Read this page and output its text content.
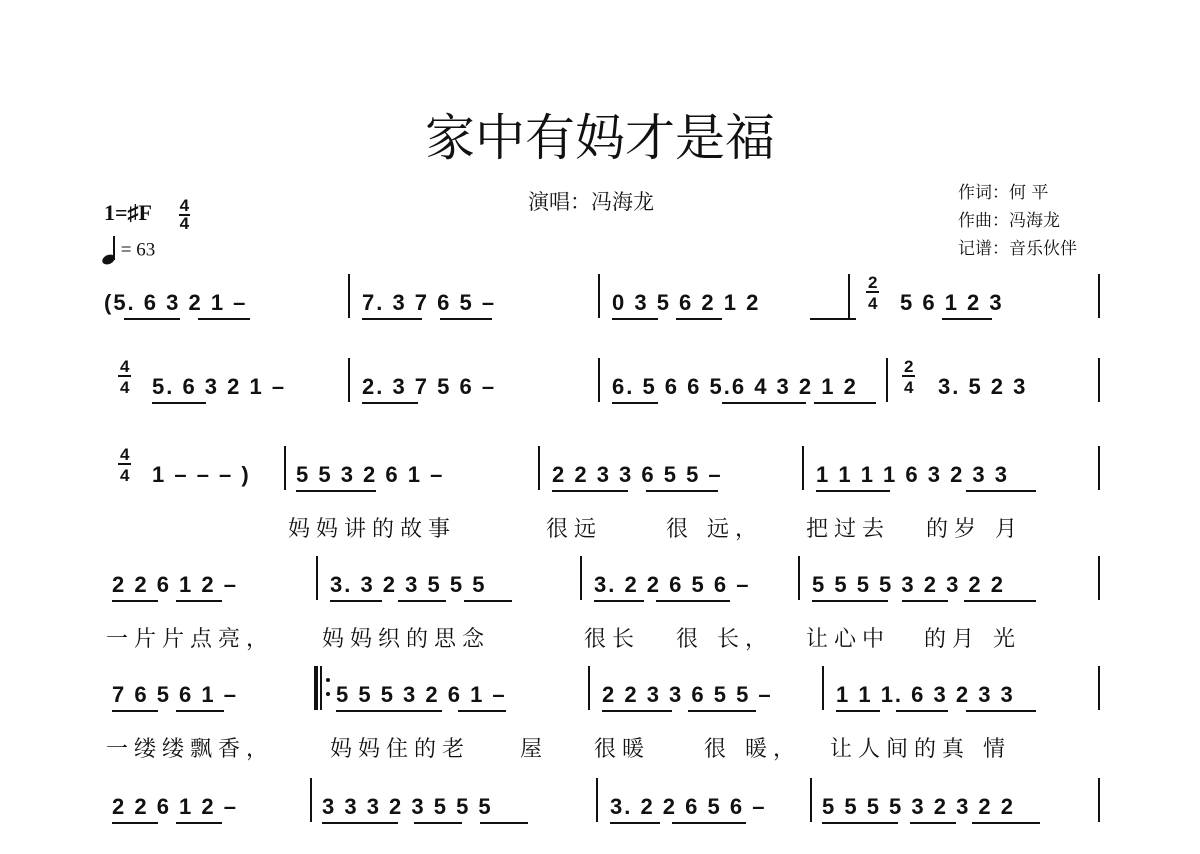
家中有妈才是福
演唱：冯海龙	作词：何 平
作曲：冯海龙
记谱：音乐伙伴
1=♯F $\frac{4}{4}$
= 63
(5. 6 3 2 1 –	7. 3 7 6 5 –	0 3 5 6 2 1 2
2
4 5 6 1 2 3
4
4 5. 6 3 2 1 –	2. 3 7 5 6 –	6. 5 6 6 5.6 4 3 2 1 2
2
4 3. 5 2 3
4
4 1 – – – ) 5 5 3 2 6 1 –	2 2 3 3 6 5 5 –	1 1 1 1 6 3 2 3 3
妈妈讲的故事	很远	很 远， 把过去 的岁 月
2 2 6 1 2 –	3. 3 2 3 5 5 5	3. 2 2 6 5 6 –	5 5 5 5 3 2 3 2 2
一片片点亮， 妈妈织的思念	很长 很 长， 让心中 的月 光
7 6 5 6 1 –	5 5 5 3 2 6 1 –	2 2 3 3 6 5 5 –	1 1 1. 6 3 2 3 3
一缕缕飘香，	妈妈住的老 屋 很暖 很 暖， 让人间的真 情
2 2 6 1 2 –	3 3 3 2 3 5 5 5	3. 2 2 6 5 6 –	5 5 5 5 3 2 3 2 2
